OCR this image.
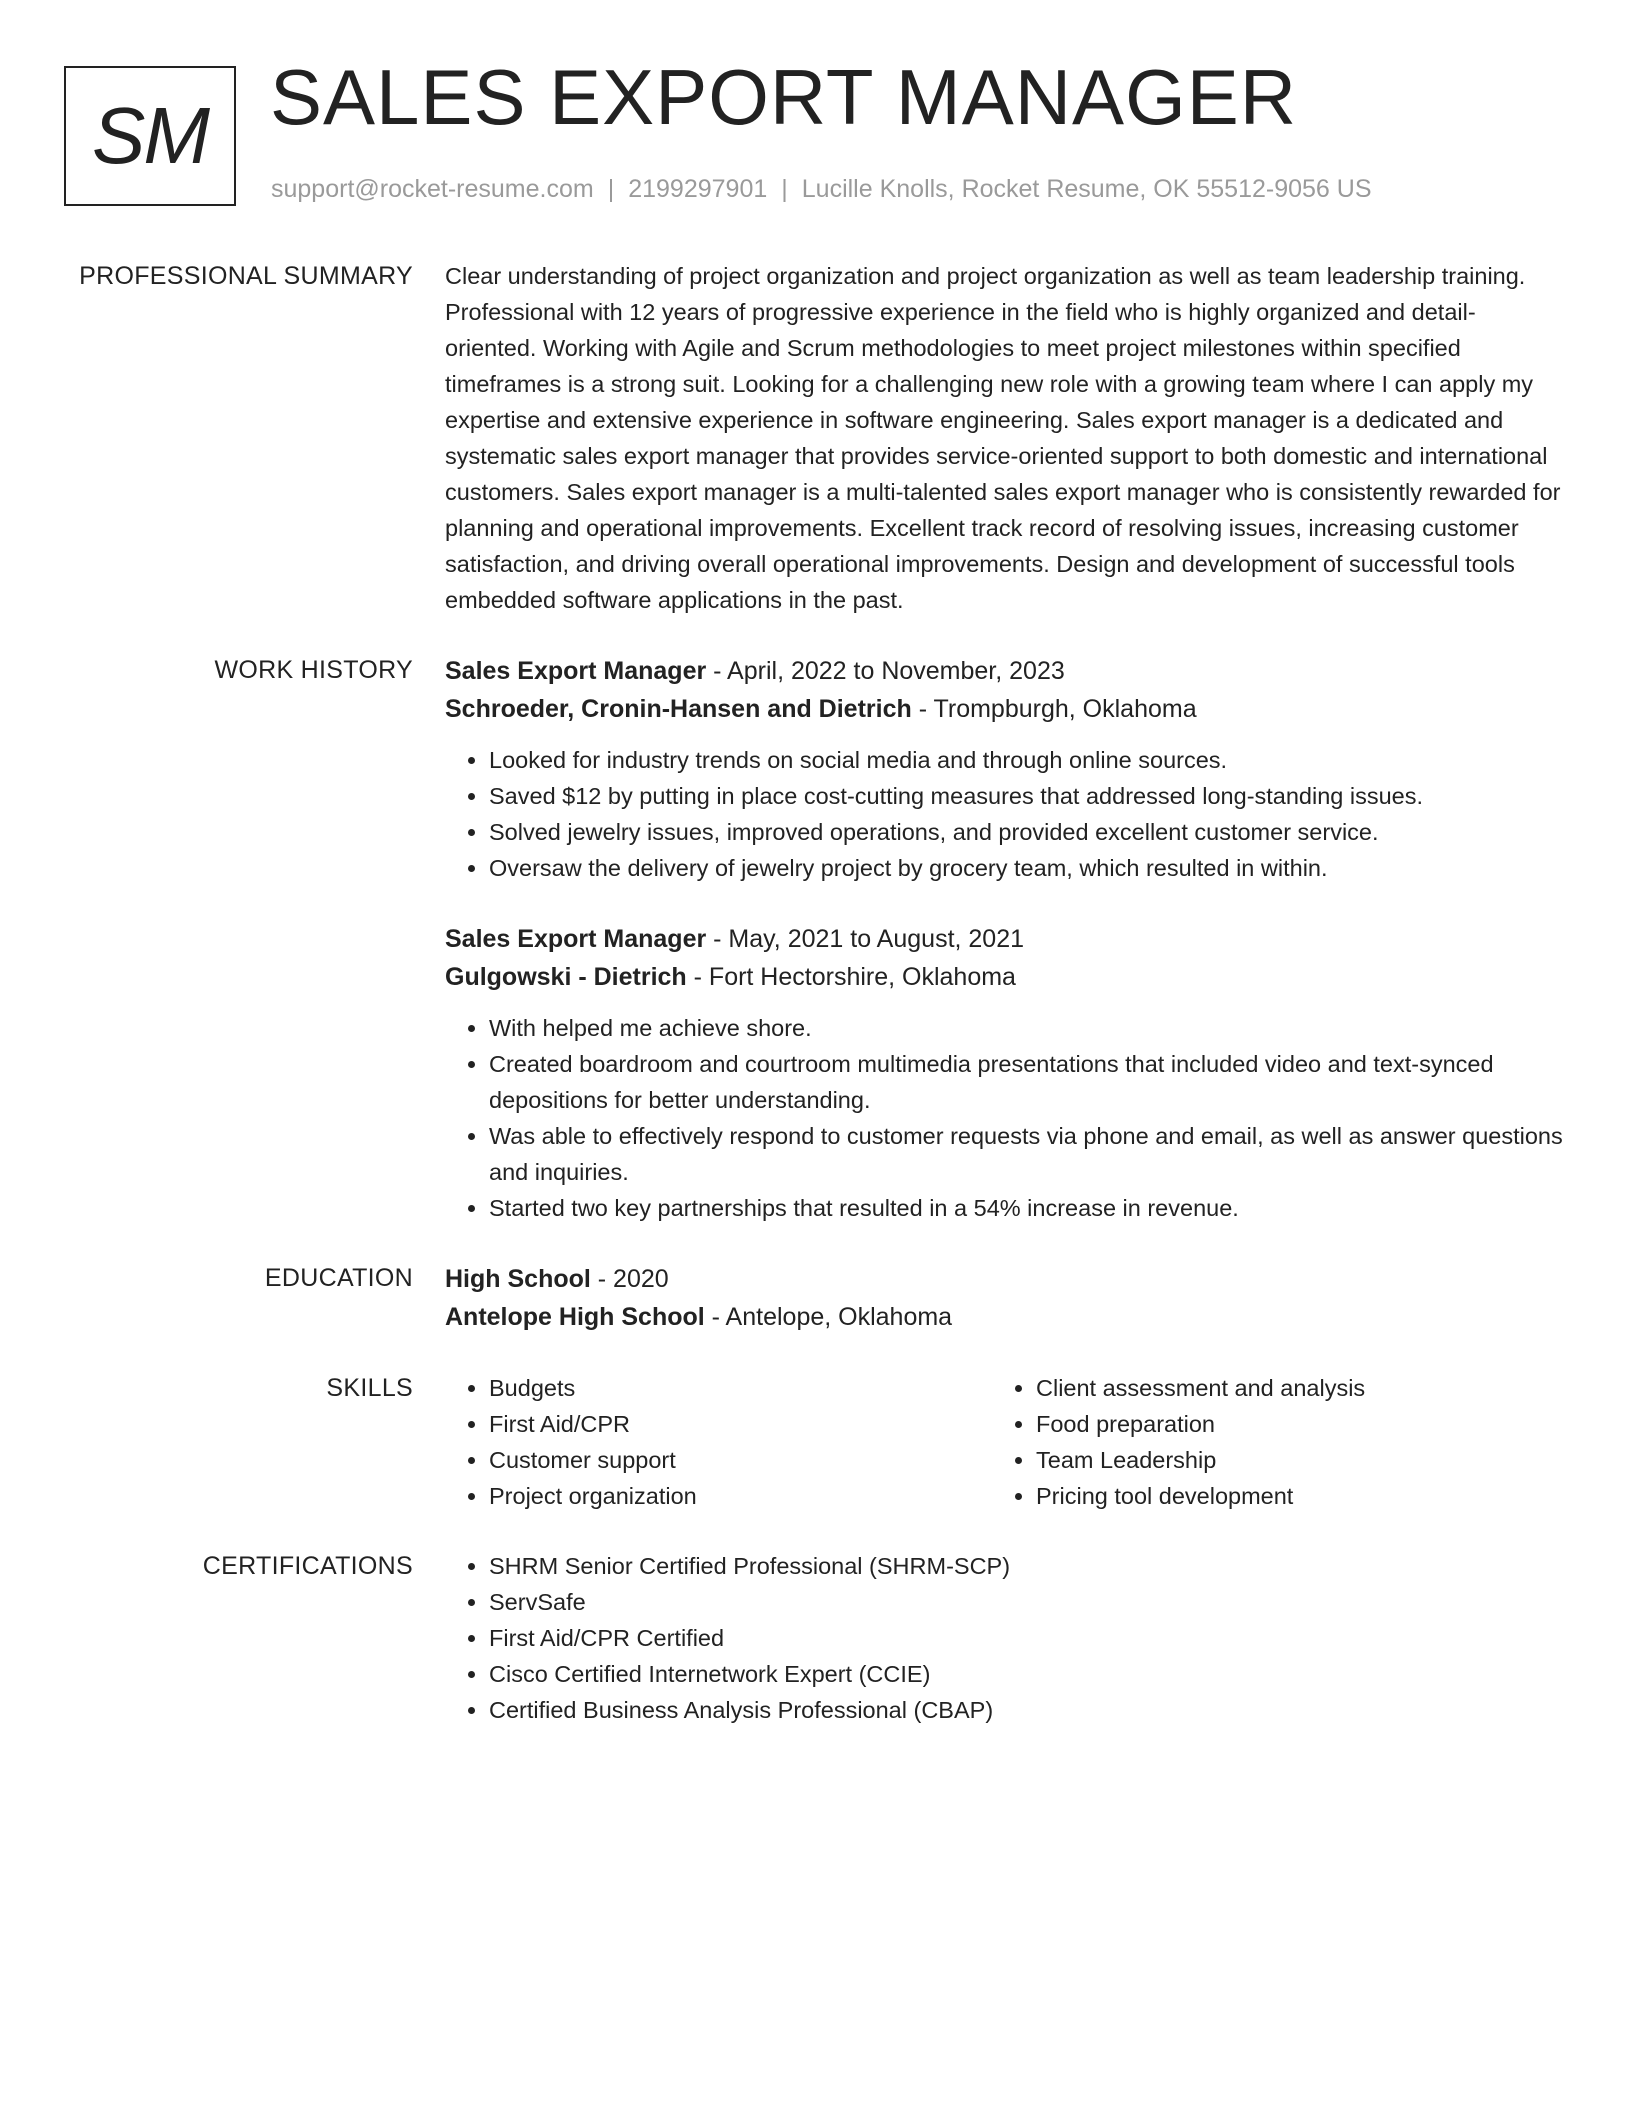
SM SALES EXPORT MANAGER
support@rocket-resume.com | 2199297901 | Lucille Knolls, Rocket Resume, OK 55512-9056 US
PROFESSIONAL SUMMARY Clear understanding of project organization and project organization as well as team leadership training. Professional with 12 years of progressive experience in the field who is highly organized and detail-oriented. Working with Agile and Scrum methodologies to meet project milestones within specified timeframes is a strong suit. Looking for a challenging new role with a growing team where I can apply my expertise and extensive experience in software engineering. Sales export manager is a dedicated and systematic sales export manager that provides service-oriented support to both domestic and international customers. Sales export manager is a multi-talented sales export manager who is consistently rewarded for planning and operational improvements. Excellent track record of resolving issues, increasing customer satisfaction, and driving overall operational improvements. Design and development of successful tools embedded software applications in the past.

WORK HISTORY Sales Export Manager - April, 2022 to November, 2023
Schroeder, Cronin-Hansen and Dietrich - Trompburgh, Oklahoma
• Looked for industry trends on social media and through online sources.
• Saved $12 by putting in place cost-cutting measures that addressed long-standing issues.
• Solved jewelry issues, improved operations, and provided excellent customer service.
• Oversaw the delivery of jewelry project by grocery team, which resulted in within.
Sales Export Manager - May, 2021 to August, 2021
Gulgowski - Dietrich - Fort Hectorshire, Oklahoma
• With helped me achieve shore.
• Created boardroom and courtroom multimedia presentations that included video and text-synced depositions for better understanding.
• Was able to effectively respond to customer requests via phone and email, as well as answer questions and inquiries.
• Started two key partnerships that resulted in a 54% increase in revenue.
EDUCATION High School - 2020
Antelope High School - Antelope, Oklahoma
SKILLS	• Budgets
• First Aid/CPR
• Customer support
• Project organization
• Client assessment and analysis
• Food preparation
• Team Leadership
• Pricing tool development
CERTIFICATIONS	• SHRM Senior Certified Professional (SHRM-SCP)
• ServSafe
• First Aid/CPR Certified
• Cisco Certified Internetwork Expert (CCIE)
• Certified Business Analysis Professional (CBAP)
